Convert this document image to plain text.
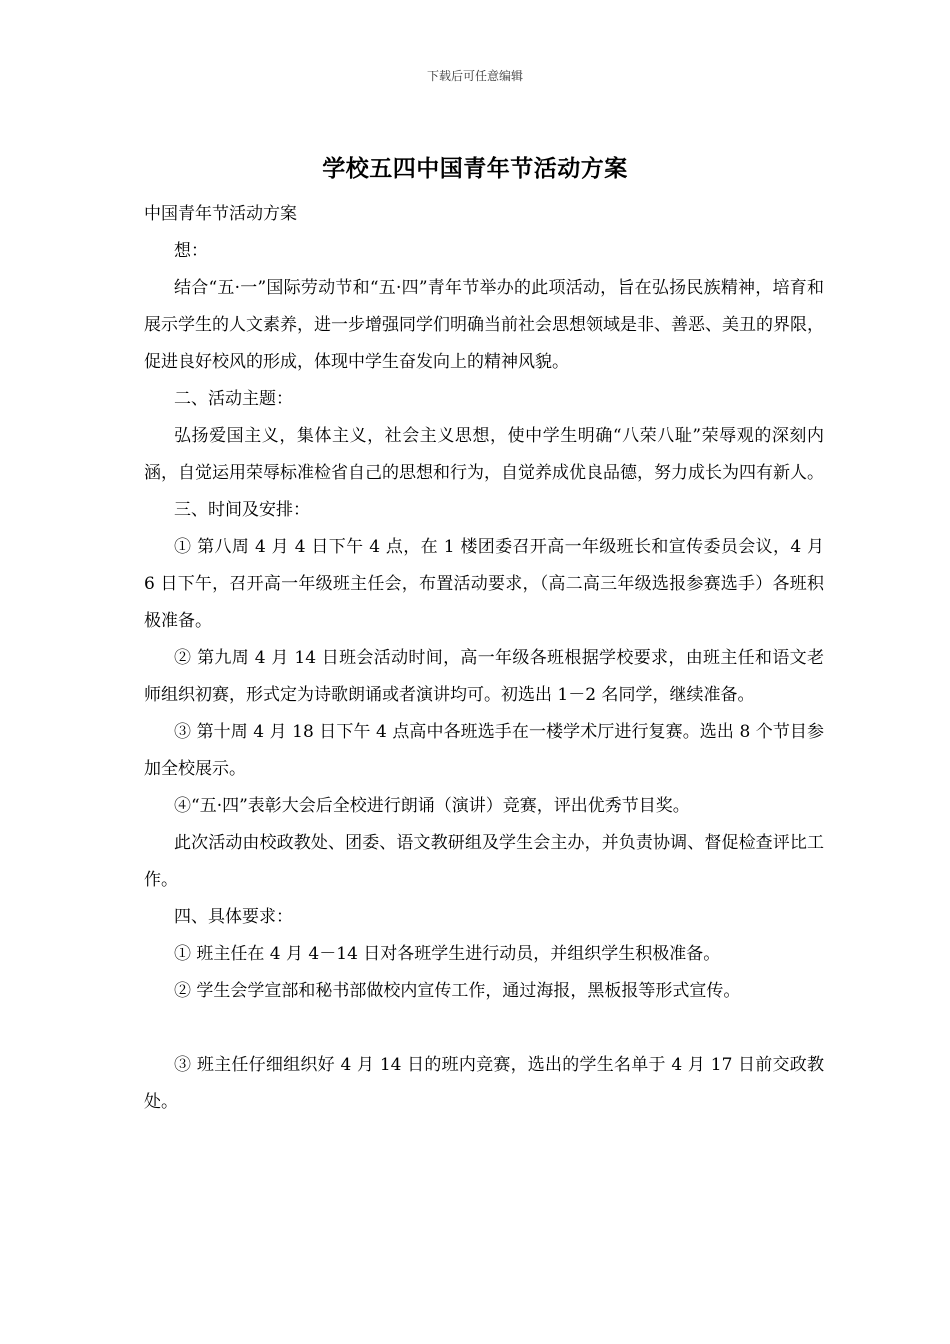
下载后可任意编辑
学校五四中国青年节活动方案

中国青年节活动方案

想：

结合“五·一”国际劳动节和“五·四”青年节举办的此项活动，旨在弘扬民族精神，培育和展示学生的人文素养，进一步增强同学们明确当前社会思想领域是非、善恶、美丑的界限，促进良好校风的形成，体现中学生奋发向上的精神风貌。

二、活动主题：

弘扬爱国主义，集体主义，社会主义思想，使中学生明确“八荣八耻”荣辱观的深刻内涵，自觉运用荣辱标准检省自己的思想和行为，自觉养成优良品德，努力成长为四有新人。

三、时间及安排：

① 第八周 4 月 4 日下午 4 点，在 1 楼团委召开高一年级班长和宣传委员会议，4 月 6 日下午，召开高一年级班主任会，布置活动要求，（高二高三年级选报参赛选手）各班积极准备。

② 第九周 4 月 14 日班会活动时间，高一年级各班根据学校要求，由班主任和语文老师组织初赛，形式定为诗歌朗诵或者演讲均可。初选出 1－2 名同学，继续准备。

③ 第十周 4 月 18 日下午 4 点高中各班选手在一楼学术厅进行复赛。选出 8 个节目参加全校展示。

④“五·四”表彰大会后全校进行朗诵（演讲）竞赛，评出优秀节目奖。

此次活动由校政教处、团委、语文教研组及学生会主办，并负责协调、督促检查评比工作。

四、具体要求：

① 班主任在 4 月 4－14 日对各班学生进行动员，并组织学生积极准备。

② 学生会学宣部和秘书部做校内宣传工作，通过海报，黑板报等形式宣传。

③ 班主任仔细组织好 4 月 14 日的班内竞赛，选出的学生名单于 4 月 17 日前交政教处。
